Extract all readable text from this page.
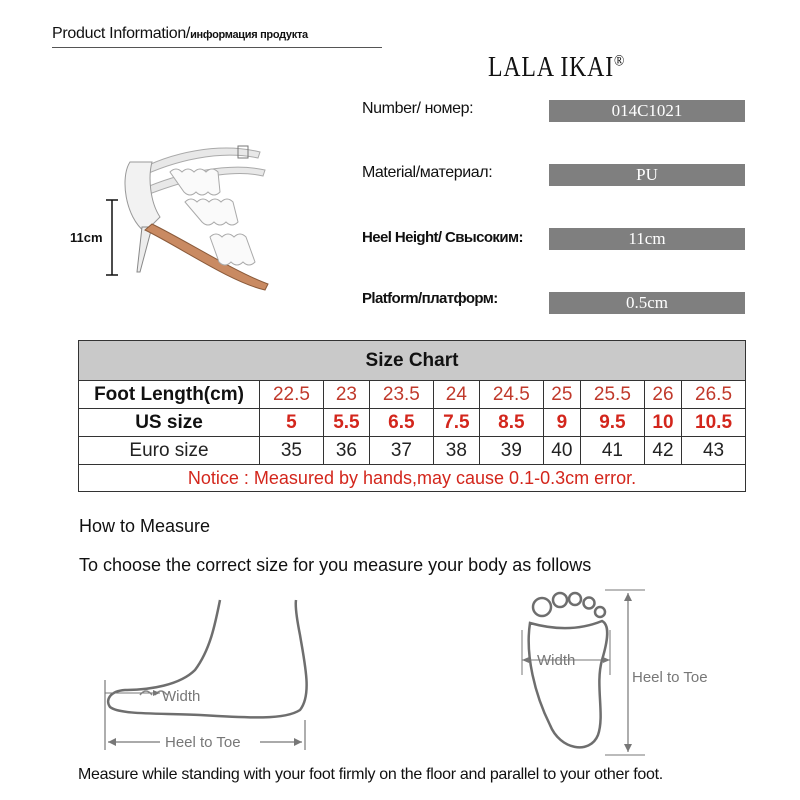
Product Information/информация продукта
LALA IKAI®
Number/ номер:	014C1021
Material/материал:	PU
Heel Height/ Свысоким:	11cm
Platform/платформ:	0.5cm
11cm
Size Chart									
Foot Length(cm)	22.5	23	23.5	24	24.5	25	25.5	26	26.5
US size	5	5.5	6.5	7.5	8.5	9	9.5	10	10.5
Euro size	35	36	37	38	39	40	41	42	43
Notice : Measured by hands,may cause 0.1-0.3cm error.									
How to Measure
To choose the correct size for you measure your body as follows
Width
Heel to Toe
Width
Heel to Toe
Measure while standing with your foot firmly on the floor and parallel to your other foot.
